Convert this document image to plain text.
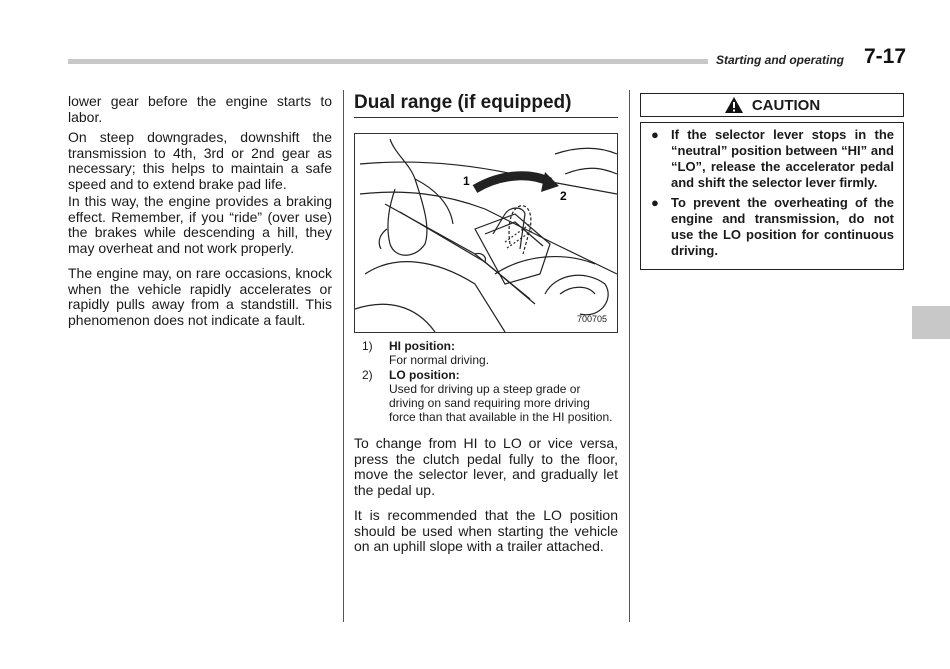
Starting and operating 7-17

lower gear before the engine starts to labor.

On steep downgrades, downshift the transmission to 4th, 3rd or 2nd gear as necessary; this helps to maintain a safe speed and to extend brake pad life.

In this way, the engine provides a braking effect. Remember, if you “ride” (over use) the brakes while descending a hill, they may overheat and not work properly.

The engine may, on rare occasions, knock when the vehicle rapidly accelerates or rapidly pulls away from a standstill. This phenomenon does not indicate a fault.

Dual range (if equipped)
1
2
700705
1)	HI position:
For normal driving.
2)	LO position:
Used for driving up a steep grade or driving on sand requiring more driving force than that available in the HI position.

To change from HI to LO or vice versa, press the clutch pedal fully to the floor, move the selector lever, and gradually let the pedal up.

It is recommended that the LO position should be used when starting the vehicle on an uphill slope with a trailer attached.

CAUTION
● If the selector lever stops in the “neutral” position between “HI” and “LO”, release the accelerator pedal and shift the selector lever firmly.
● To prevent the overheating of the engine and transmission, do not use the LO position for continuous driving.
